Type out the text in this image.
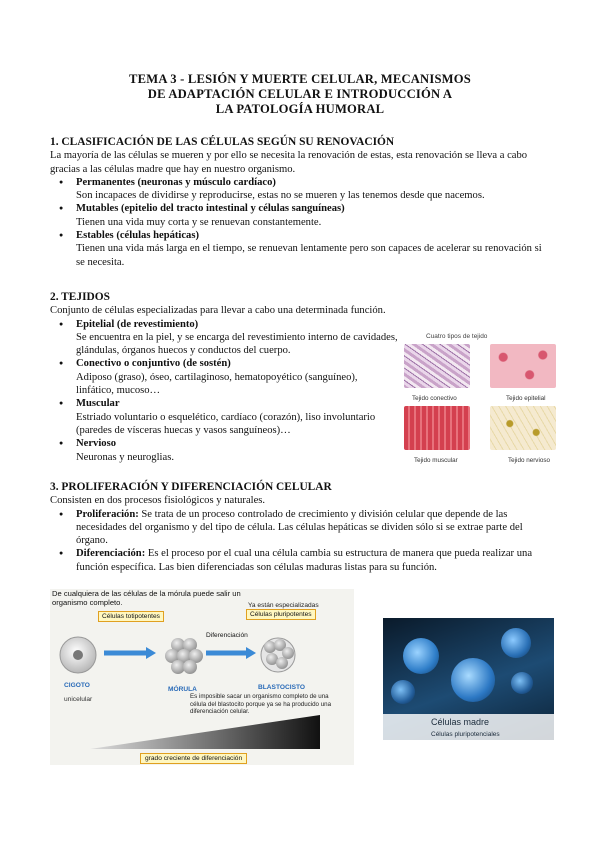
TEMA 3 - LESIÓN Y MUERTE CELULAR, MECANISMOS
DE ADAPTACIÓN CELULAR E INTRODUCCIÓN A
LA PATOLOGÍA HUMORAL
1. CLASIFICACIÓN DE LAS CÉLULAS SEGÚN SU RENOVACIÓN

La mayoría de las células se mueren y por ello se necesita la renovación de estas, esta renovación se lleva a cabo gracias a las células madre que hay en nuestro organismo.

● Permanentes (neuronas y músculo cardíaco)
Son incapaces de dividirse y reproducirse, estas no se mueren y las tenemos desde que nacemos.
● Mutables (epitelio del tracto intestinal y células sanguíneas)
Tienen una vida muy corta y se renuevan constantemente.
● Estables (células hepáticas)
Tienen una vida más larga en el tiempo, se renuevan lentamente pero son capaces de acelerar su renovación si se necesita.
2. TEJIDOS

Conjunto de células especializadas para llevar a cabo una determinada función.

● Epitelial (de revestimiento)
Se encuentra en la piel, y se encarga del revestimiento interno de cavidades, glándulas, órganos huecos y conductos del cuerpo.
● Conectivo o conjuntivo (de sostén)
Adiposo (graso), óseo, cartilaginoso, hematopoyético (sanguíneo), linfático, mucoso…
● Muscular
Estriado voluntario o esquelético, cardíaco (corazón), liso involuntario (paredes de vísceras huecas y vasos sanguíneos)…
● Nervioso
Neuronas y neuroglias.
Cuatro tipos de tejido
Tejido conectivo	Tejido epitelial
Tejido muscular	Tejido nervioso
3. PROLIFERACIÓN Y DIFERENCIACIÓN CELULAR

Consisten en dos procesos fisiológicos y naturales.

● Proliferación: Se trata de un proceso controlado de crecimiento y división celular que depende de las necesidades del organismo y del tipo de célula. Las células hepáticas se dividen sólo si se extrae parte del órgano.
● Diferenciación: Es el proceso por el cual una célula cambia su estructura de manera que pueda realizar una función específica. Las bien diferenciadas son células maduras listas para su función.
De cualquiera de las células de la mórula puede salir un organismo completo.
Células totipotentes
Ya están especializadas
Células pluripotentes
Diferenciación
CIGOTO
unicelular
MÓRULA	BLASTOCISTO
Es imposible sacar un organismo completo de una célula del blastocito porque ya se ha producido una diferenciación celular.
grado creciente de diferenciación
Células madre
Células pluripotenciales
